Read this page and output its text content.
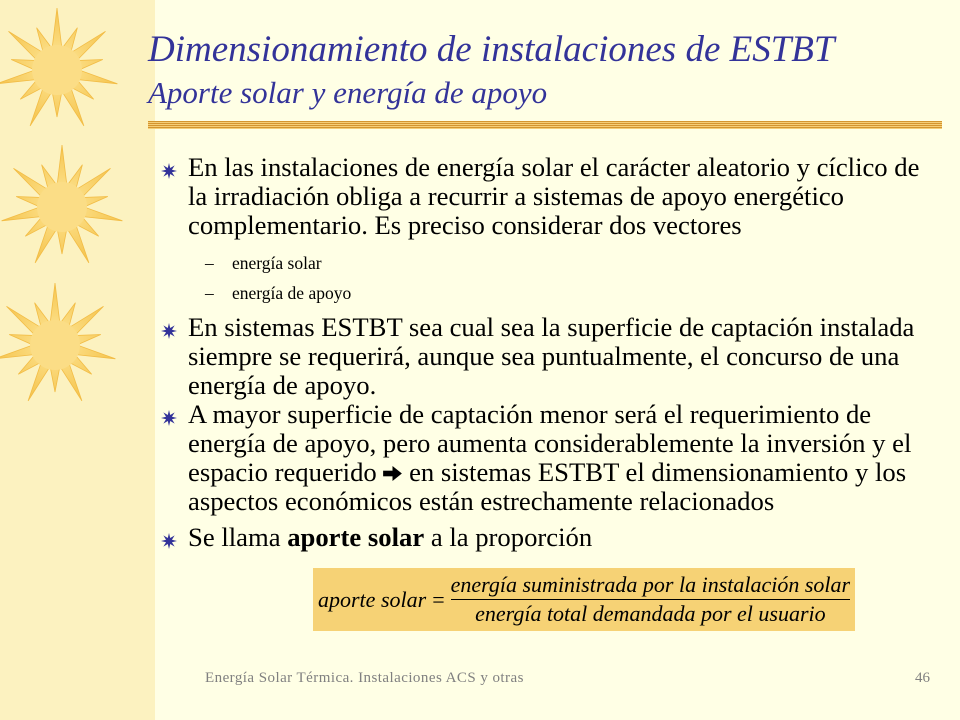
Dimensionamiento de instalaciones de ESTBT
Aporte solar y energía de apoyo
En las instalaciones de energía solar el carácter aleatorio y cíclico de
la irradiación obliga a recurrir a sistemas de apoyo energético
complementario. Es preciso considerar dos vectores
– energía solar
– energía de apoyo
En sistemas ESTBT sea cual sea la superficie de captación instalada
siempre se requerirá, aunque sea puntualmente, el concurso de una
energía de apoyo.
A mayor superficie de captación menor será el requerimiento de
energía de apoyo, pero aumenta considerablemente la inversión y el
espacio requerido en sistemas ESTBT el dimensionamiento y los
aspectos económicos están estrechamente relacionados
Se llama aporte solar a la proporción
aporte solar = $\frac{\text{energía suministrada por la instalación solar}}{\text{energía total demandada por el usuario}}$
Energía Solar Térmica. Instalaciones ACS y otras	46
